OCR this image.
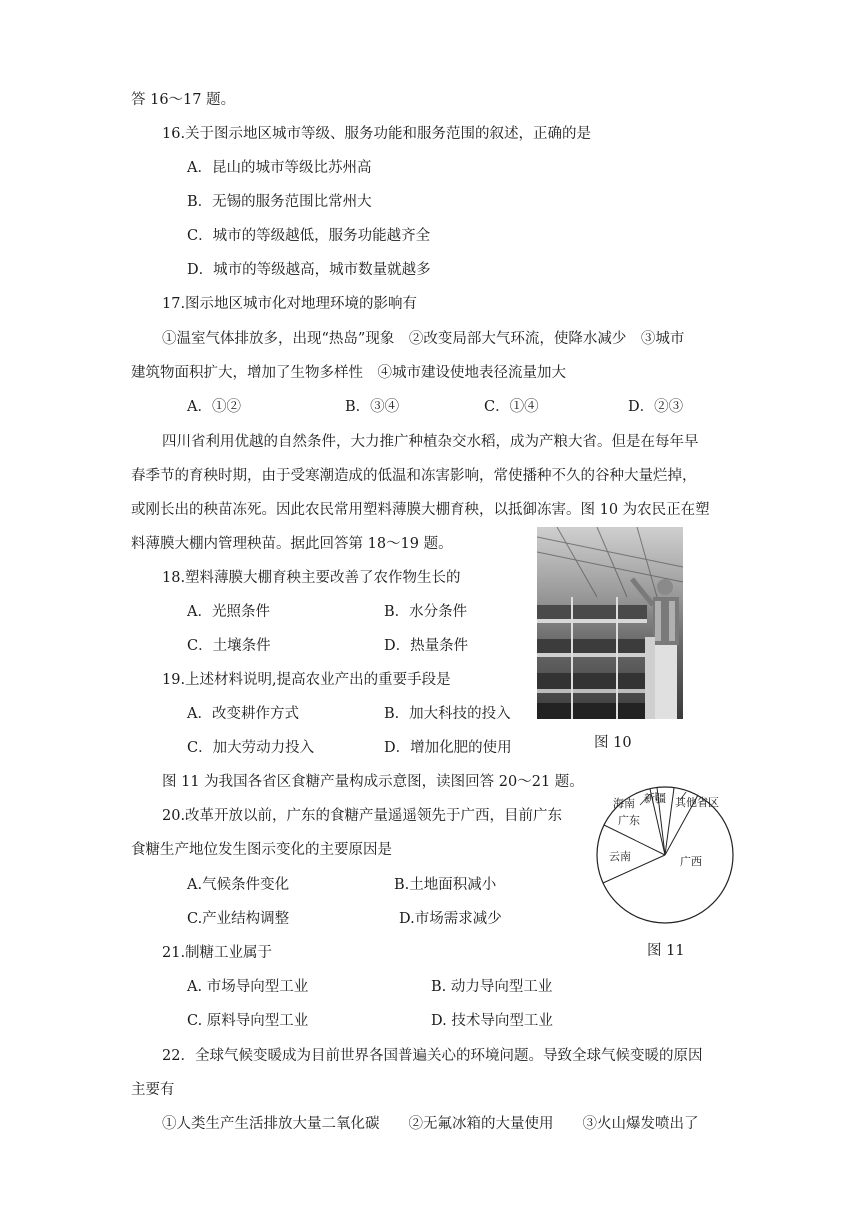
答 16～17 题。
16.关于图示地区城市等级、服务功能和服务范围的叙述，正确的是
A．昆山的城市等级比苏州高
B．无锡的服务范围比常州大
C．城市的等级越低，服务功能越齐全
D．城市的等级越高，城市数量就越多
17.图示地区城市化对地理环境的影响有
①温室气体排放多，出现“热岛”现象　②改变局部大气环流，使降水减少　③城市
建筑物面积扩大，增加了生物多样性　④城市建设使地表径流量加大
A．①②	B．③④	C．①④	D．②③
四川省利用优越的自然条件，大力推广种植杂交水稻，成为产粮大省。但是在每年早
春季节的育秧时期，由于受寒潮造成的低温和冻害影响，常使播种不久的谷种大量烂掉，
或刚长出的秧苗冻死。因此农民常用塑料薄膜大棚育秧，以抵御冻害。图 10 为农民正在塑
料薄膜大棚内管理秧苗。据此回答第 18～19 题。
18.塑料薄膜大棚育秧主要改善了农作物生长的
A．光照条件	B．水分条件
C．土壤条件	D．热量条件
19.上述材料说明,提高农业产出的重要手段是
A．改变耕作方式	B．加大科技的投入
C．加大劳动力投入	D．增加化肥的使用	图 10
图 11 为我国各省区食糖产量构成示意图，读图回答 20～21 题。
海南 新疆 其他省区
广东
云南	广西
图 11
20.改革开放以前，广东的食糖产量遥遥领先于广西，目前广东
食糖生产地位发生图示变化的主要原因是
A.气候条件变化	B.土地面积减小
C.产业结构调整	D.市场需求减少
21.制糖工业属于
A. 市场导向型工业	B. 动力导向型工业
C. 原料导向型工业	D. 技术导向型工业
22．全球气候变暖成为目前世界各国普遍关心的环境问题。导致全球气候变暖的原因
主要有
①人类生产生活排放大量二氧化碳　　②无氟冰箱的大量使用　　③火山爆发喷出了
